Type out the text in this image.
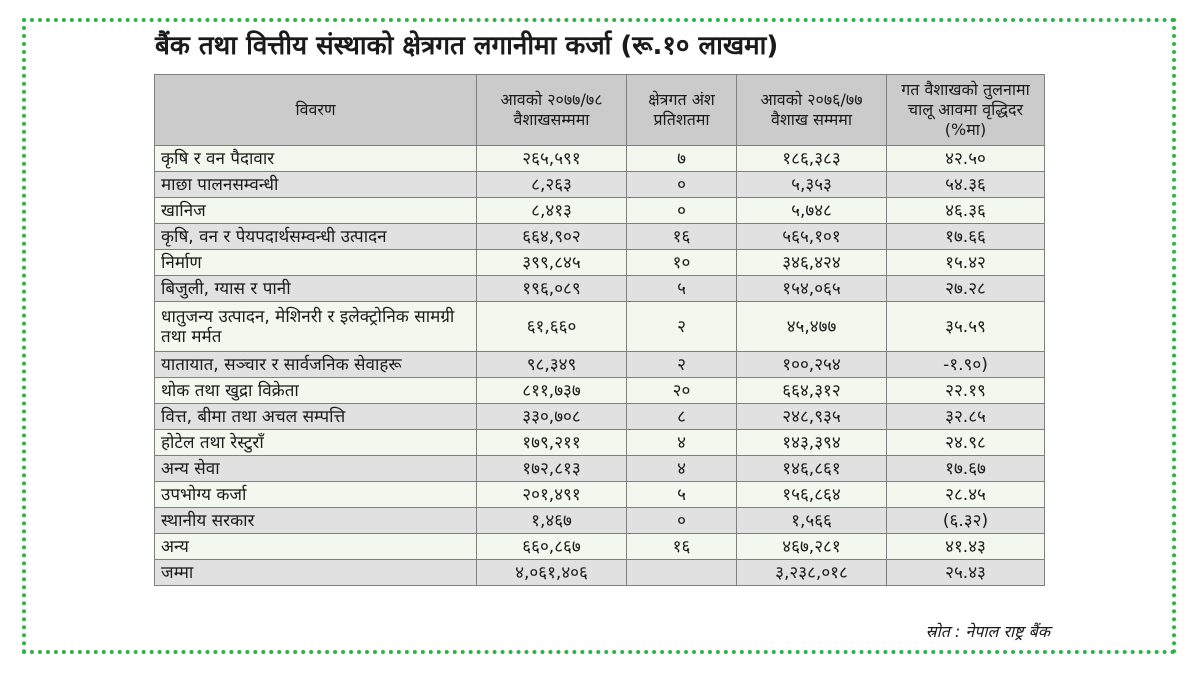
बैंक तथा वित्तीय संस्थाको क्षेत्रगत लगानीमा कर्जा (रू.१० लाखमा)
विवरण	आवको २०७७/७८ वैशाखसम्ममा	क्षेत्रगत अंश प्रतिशतमा	आवको २०७६/७७ वैशाख सम्ममा	गत वैशाखको तुलनामा चालू आवमा वृद्धिदर (%मा)
कृषि र वन पैदावार	२६५,५९१	७	१८६,३८३	४२.५०
माछा पालनसम्वन्धी	८,२६३	०	५,३५३	५४.३६
खानिज	८,४१३	०	५,७४८	४६.३६
कृषि, वन र पेयपदार्थसम्वन्धी उत्पादन	६६४,९०२	१६	५६५,१०१	१७.६६
निर्माण	३९९,८४५	१०	३४६,४२४	१५.४२
बिजुली, ग्यास र पानी	१९६,०८९	५	१५४,०६५	२७.२८
धातुजन्य उत्पादन, मेशिनरी र इलेक्ट्रोनिक सामग्री तथा मर्मत	६१,६६०	२	४५,४७७	३५.५९
यातायात, सञ्चार र सार्वजनिक सेवाहरू	९८,३४९	२	१००,२५४	-१.९०)
थोक तथा खुद्रा विक्रेता	८११,७३७	२०	६६४,३१२	२२.१९
वित्त, बीमा तथा अचल सम्पत्ति	३३०,७०८	८	२४८,९३५	३२.८५
होटेल तथा रेस्टुराँ	१७९,२११	४	१४३,३९४	२४.९८
अन्य सेवा	१७२,८१३	४	१४६,८६१	१७.६७
उपभोग्य कर्जा	२०१,४९१	५	१५६,८६४	२८.४५
स्थानीय सरकार	१,४६७	०	१,५६६	(६.३२)
अन्य	६६०,८६७	१६	४६७,२८१	४१.४३
जम्मा	४,०६१,४०६		३,२३८,०१८	२५.४३
स्रोत : नेपाल राष्ट्र बैंक
